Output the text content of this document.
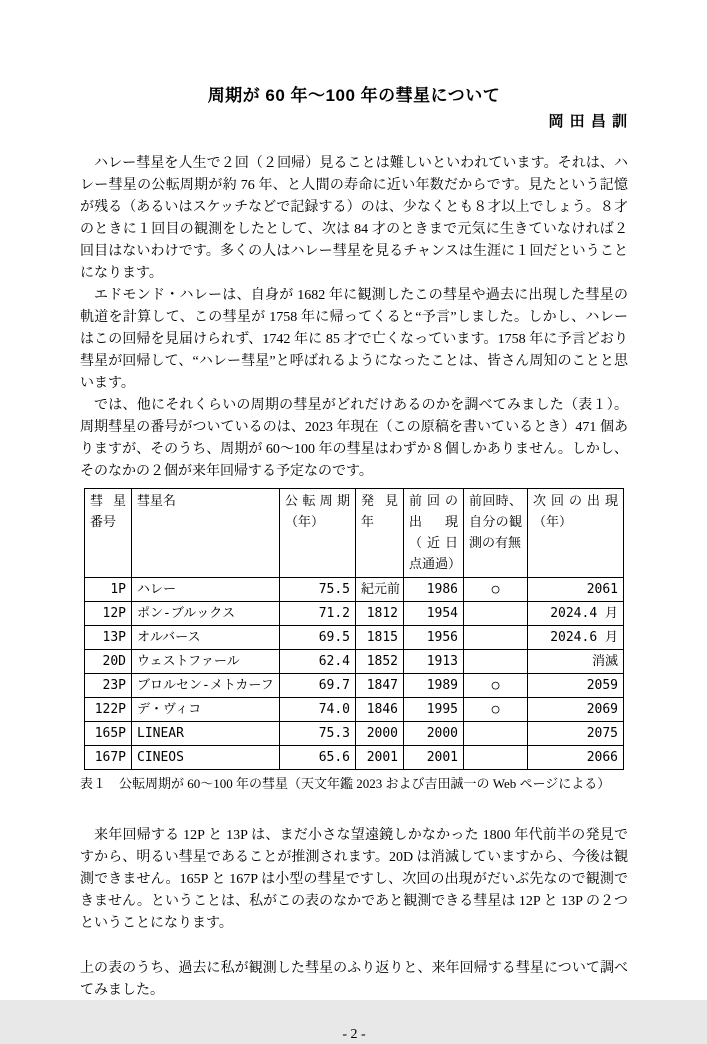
周期が 60 年～100 年の彗星について
岡 田 昌 訓

ハレー彗星を人生で２回（２回帰）見ることは難しいといわれています。それは、ハレー彗星の公転周期が約 76 年、と人間の寿命に近い年数だからです。見たという記憶が残る（あるいはスケッチなどで記録する）のは、少なくとも８才以上でしょう。８才のときに１回目の観測をしたとして、次は 84 才のときまで元気に生きていなければ２回目はないわけです。多くの人はハレー彗星を見るチャンスは生涯に１回だということになります。

エドモンド・ハレーは、自身が 1682 年に観測したこの彗星や過去に出現した彗星の軌道を計算して、この彗星が 1758 年に帰ってくると“予言”しました。しかし、ハレーはこの回帰を見届けられず、1742 年に 85 才で亡くなっています。1758 年に予言どおり彗星が回帰して、“ハレー彗星”と呼ばれるようになったことは、皆さん周知のことと思います。

では、他にそれくらいの周期の彗星がどれだけあるのかを調べてみました（表１）。周期彗星の番号がついているのは、2023 年現在（この原稿を書いているとき）471 個ありますが、そのうち、周期が 60～100 年の彗星はわずか８個しかありません。しかし、そのなかの２個が来年回帰する予定なのです。

彗星番号	彗星名	公転周期（年）	発見年	前回の出現（近日点通過）	前回時、自分の観測の有無	次回の出現（年）
1P	ハレー	75.5	紀元前	1986	○	2061
12P	ポン-ブルックス	71.2	1812	1954		2024.4 月
13P	オルバース	69.5	1815	1956		2024.6 月
20D	ウェストファール	62.4	1852	1913		消滅
23P	ブロルセン-メトカーフ	69.7	1847	1989	○	2059
122P	デ・ヴィコ	74.0	1846	1995	○	2069
165P	LINEAR	75.3	2000	2000		2075
167P	CINEOS	65.6	2001	2001		2066
表１　公転周期が 60～100 年の彗星（天文年鑑 2023 および吉田誠一の Web ページによる）

来年回帰する 12P と 13P は、まだ小さな望遠鏡しかなかった 1800 年代前半の発見ですから、明るい彗星であることが推測されます。20D は消滅していますから、今後は観測できません。165P と 167P は小型の彗星ですし、次回の出現がだいぶ先なので観測できません。ということは、私がこの表のなかであと観測できる彗星は 12P と 13P の２つということになります。

上の表のうち、過去に私が観測した彗星のふり返りと、来年回帰する彗星について調べてみました。

- 2 -
